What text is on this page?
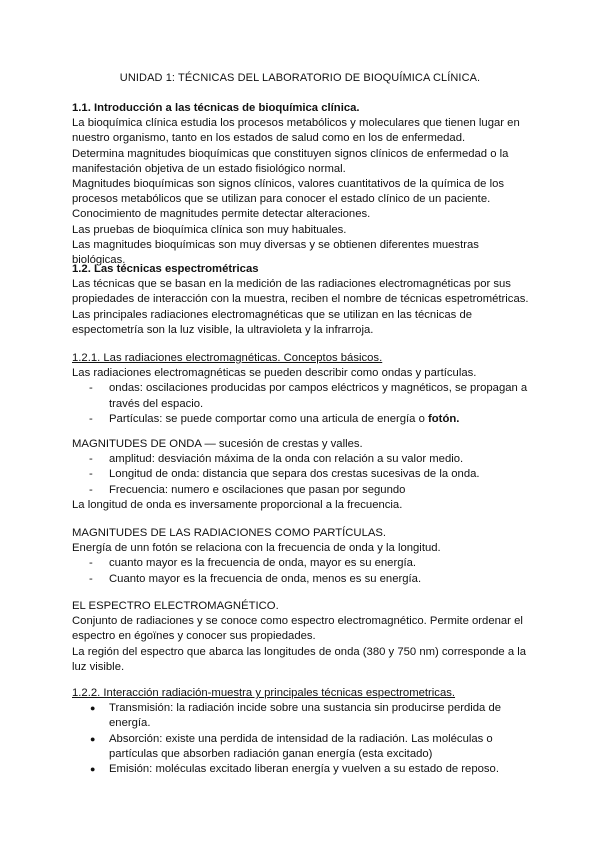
UNIDAD 1: TÉCNICAS DEL LABORATORIO DE BIOQUÍMICA CLÍNICA.

1.1. Introducción a las técnicas de bioquímica clínica.

La bioquímica clínica estudia los procesos metabólicos y moleculares que tienen lugar en

nuestro organismo, tanto en los estados de salud como en los de enfermedad.

Determina magnitudes bioquímicas que constituyen signos clínicos de enfermedad o la

manifestación objetiva de un estado fisiológico normal.

Magnitudes bioquímicas son signos clínicos, valores cuantitativos de la química de los

procesos metabólicos que se utilizan para conocer el estado clínico de un paciente.

Conocimiento de magnitudes permite detectar alteraciones.

Las pruebas de bioquímica clínica son muy habituales.

Las magnitudes bioquímicas son muy diversas y se obtienen diferentes muestras biológicas.

1.2. Las técnicas espectrométricas

Las técnicas que se basan en la medición de las radiaciones electromagnéticas por sus

propiedades de interacción con la muestra, reciben el nombre de técnicas espetrométricas.

Las principales radiaciones electromagnéticas que se utilizan en las técnicas de

espectometría son la luz visible, la ultravioleta y la infrarroja.

1.2.1. Las radiaciones electromagnéticas. Conceptos básicos.

Las radiaciones electromagnéticas se pueden describir como ondas y partículas.

- ondas: oscilaciones producidas por campos eléctricos y magnéticos, se propagan a
través del espacio.
- Partículas: se puede comportar como una articula de energía o fotón.

MAGNITUDES DE ONDA — sucesión de crestas y valles.

- amplitud: desviación máxima de la onda con relación a su valor medio.
- Longitud de onda: distancia que separa dos crestas sucesivas de la onda.
- Frecuencia: numero e oscilaciones que pasan por segundo

La longitud de onda es inversamente proporcional a la frecuencia.

MAGNITUDES DE LAS RADIACIONES COMO PARTÍCULAS.

Energía de unn fotón se relaciona con la frecuencia de onda y la longitud.

- cuanto mayor es la frecuencia de onda, mayor es su energía.
- Cuanto mayor es la frecuencia de onda, menos es su energía.

EL ESPECTRO ELECTROMAGNÉTICO.

Conjunto de radiaciones y se conoce como espectro electromagnético. Permite ordenar el

espectro en égoïnes y conocer sus propiedades.

La región del espectro que abarca las longitudes de onda (380 y 750 nm) corresponde a la

luz visible.

1.2.2. Interacción radiación-muestra y principales técnicas espectrometricas.

● Transmisión: la radiación incide sobre una sustancia sin producirse perdida de
energía.
● Absorción: existe una perdida de intensidad de la radiación. Las moléculas o
partículas que absorben radiación ganan energía (esta excitado)
● Emisión: moléculas excitado liberan energía y vuelven a su estado de reposo.
